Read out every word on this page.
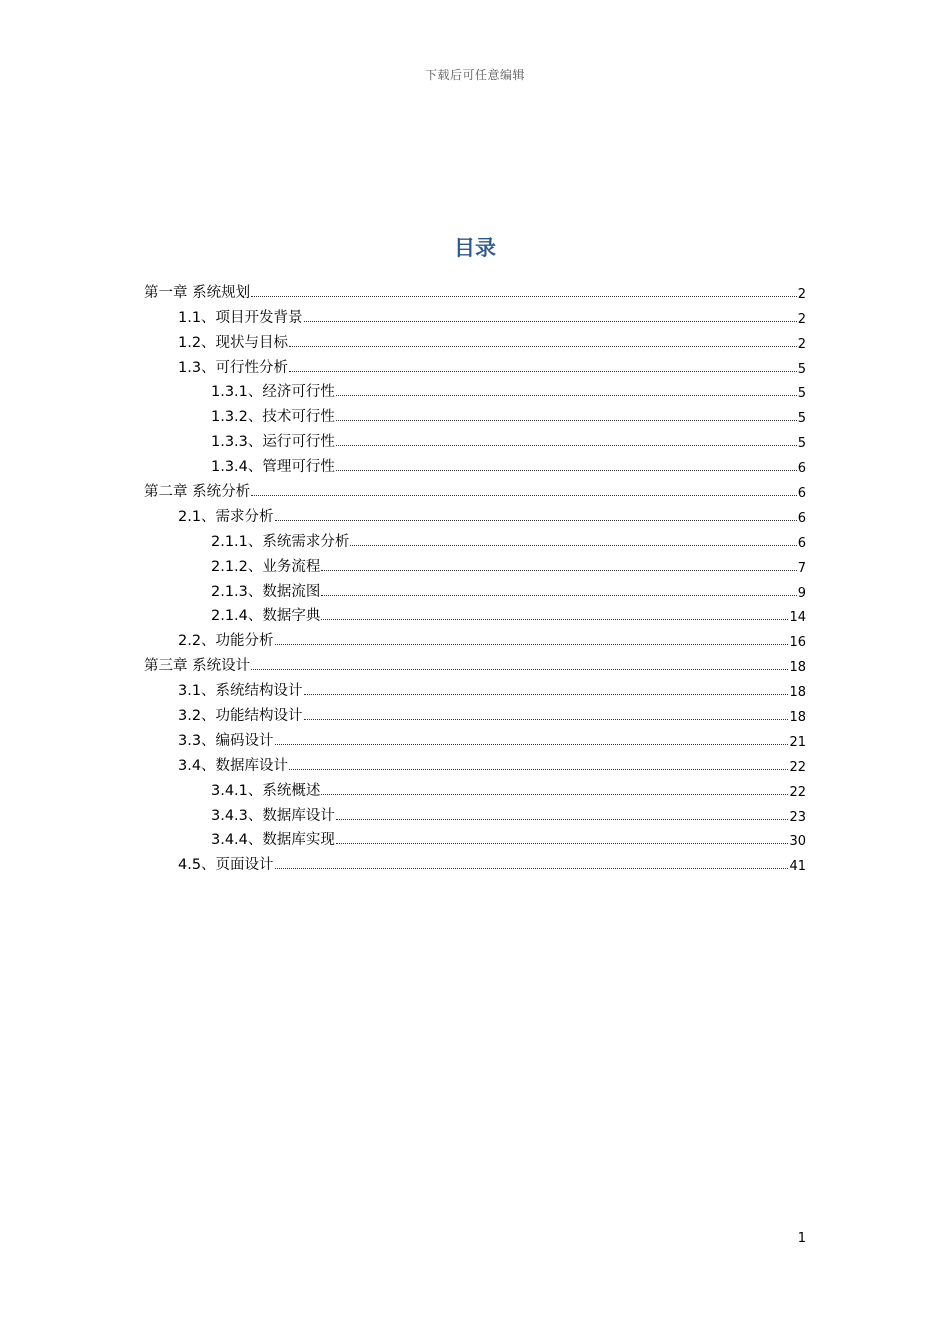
下载后可任意编辑
目录
第一章 系统规划	2
1.1、项目开发背景	2
1.2、现状与目标	2
1.3、可行性分析	5
1.3.1、经济可行性	5
1.3.2、技术可行性	5
1.3.3、运行可行性	5
1.3.4、管理可行性	6
第二章 系统分析	6
2.1、需求分析	6
2.1.1、系统需求分析	6
2.1.2、业务流程	7
2.1.3、数据流图	9
2.1.4、数据字典	14
2.2、功能分析	16
第三章 系统设计	18
3.1、系统结构设计	18
3.2、功能结构设计	18
3.3、编码设计	21
3.4、数据库设计	22
3.4.1、系统概述	22
3.4.3、数据库设计	23
3.4.4、数据库实现	30
4.5、页面设计	41
1
